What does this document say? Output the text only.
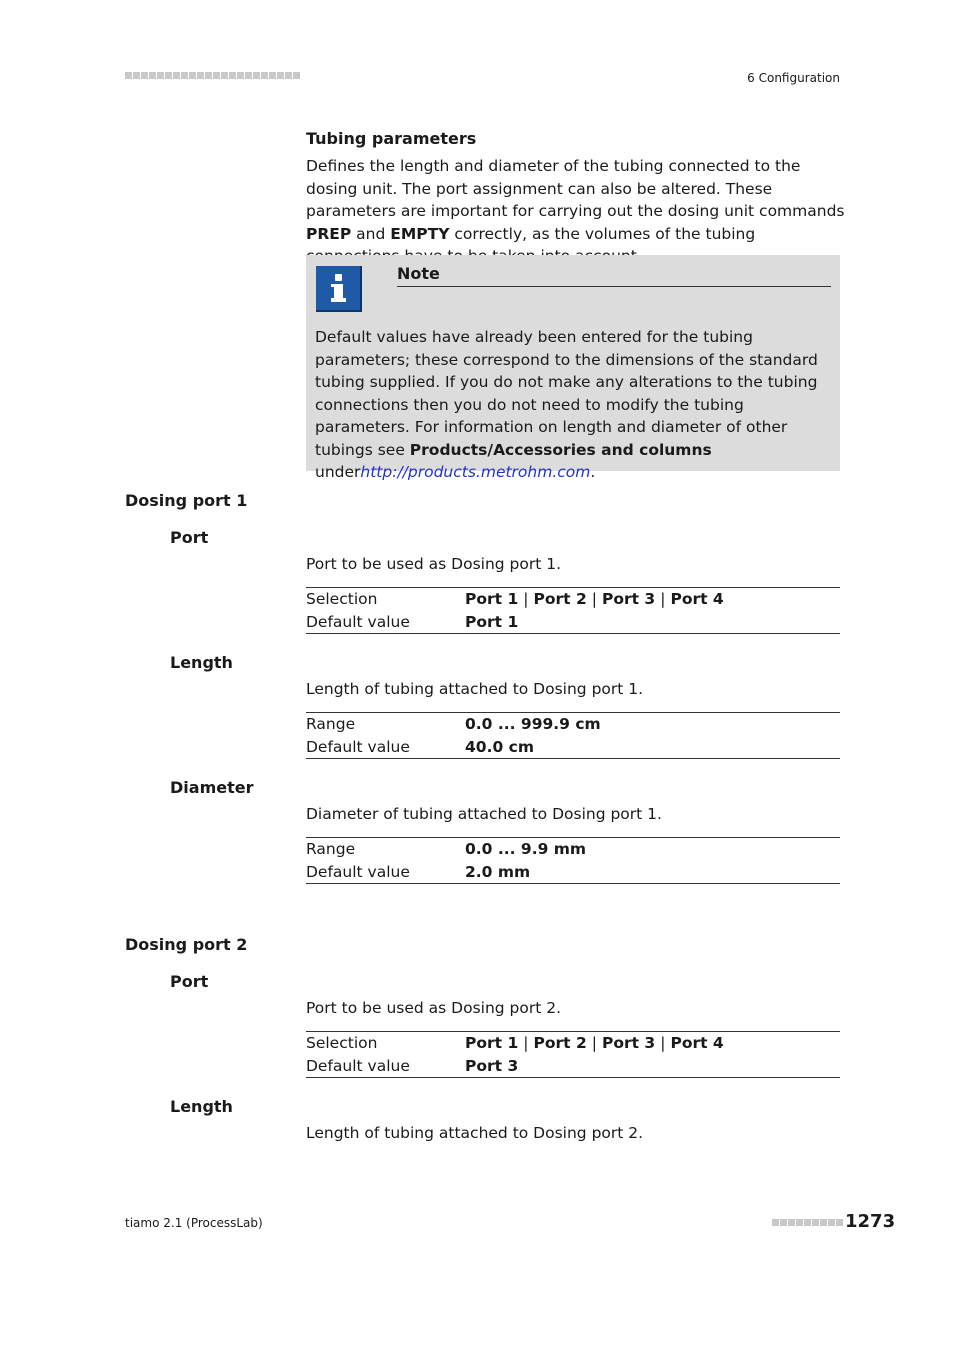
6 Configuration
Tubing parameters
Defines the length and diameter of the tubing connected to the dosing unit. The port assignment can also be altered. These parameters are important for carrying out the dosing unit commands PREP and EMPTY correctly, as the volumes of the tubing
Note
Default values have already been entered for the tubing parameters; these correspond to the dimensions of the standard tubing supplied. If you do not make any alterations to the tubing connections then you do not need to modify the tubing parameters. For information on length and diameter of other tubings see Products/Accessories and columns underhttp://products.metrohm.com.
Dosing port 1
Port
Port to be used as Dosing port 1.
Selection	Port 1 | Port 2 | Port 3 | Port 4
Default value	Port 1
Length
Length of tubing attached to Dosing port 1.
Range	0.0 ... 999.9 cm
Default value	40.0 cm
Diameter
Diameter of tubing attached to Dosing port 1.
Range	0.0 ... 9.9 mm
Default value	2.0 mm
Dosing port 2
Port
Port to be used as Dosing port 2.
Selection	Port 1 | Port 2 | Port 3 | Port 4
Default value	Port 3
Length
Length of tubing attached to Dosing port 2.
tiamo 2.1 (ProcessLab)	1273
